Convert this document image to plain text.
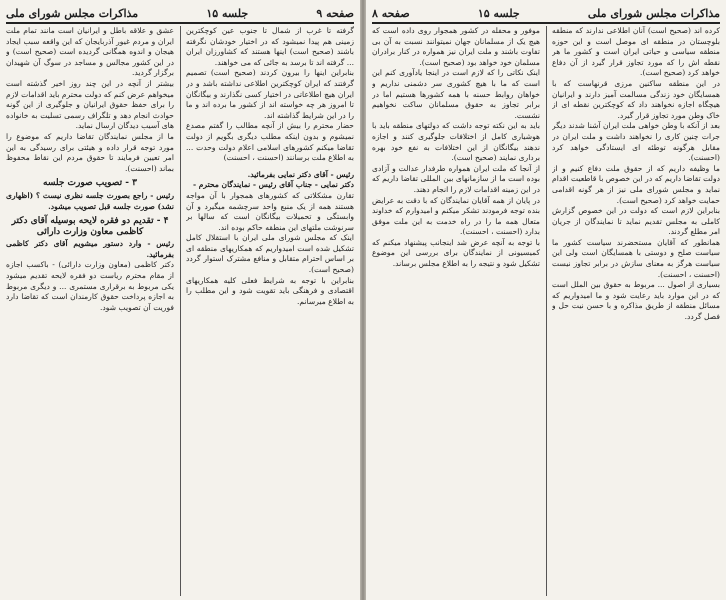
صفحه ۹
جلسه ۱۵
مذاکرات مجلس شورای ملی

گرفته تا غرب از شمال تا جنوب عین کوچکترین زمینی هم پیدا نمیشود که در اختیار خودشان نگرفته باشند (صحیح است) اینها هستند که کشاورزان ایران ... گرفته اند تا برسد به جائی که می خواهند.

بنابراین اینها را بیرون کردند (صحیح است) تصمیم گرفتند که ایران کوچکترین اطلاعی نداشته باشد و در ایران هیچ اطلاعاتی در اختیار کسی نگذارند و بیگانگان تا امروز هر چه خواسته اند از کشور ما برده اند و ما را در این شرایط گذاشته اند.

حضار محترم را بیش از آنچه مطالب را گفتم مصدع نمیشوم و بدون اینکه مطلب دیگری بگویم از دولت تقاضا میکنم کشورهای اسلامی اعلام دولت وحدت ... به اطلاع ملت برسانند (احسنت ، احسنت)

رئیس - آقای دکتر نمایی بفرمائید.

دکتر نمایی - جناب آقای رئیس - نمایندگان محترم -

تقارن مشکلاتی که کشورهای همجوار با آن مواجه هستند همه از یک منبع واحد سرچشمه میگیرد و آن وابستگی و تحمیلات بیگانگان است که سالها بر سرنوشت ملتهای این منطقه حاکم بوده اند.

اینک که مجلس شورای ملی ایران با استقلال کامل تشکیل شده است امیدواریم که همکاریهای منطقه ای بر اساس احترام متقابل و منافع مشترک استوار گردد (صحیح است).

بنابراین با توجه به شرایط فعلی کلیه همکاریهای اقتصادی و فرهنگی باید تقویت شود و این مطلب را به اطلاع میرسانم.

عشق و علاقه باطل و ایرانیان است مانند تمام ملت ایران و مردم غیور آذربایجان که این واقعه سبب ایجاد هیجان و اندوه همگانی گردیده است (صحیح است) و در این کشور مجالس و مساجد در سوگ آن شهیدان برگزار گردید.

بیشتر از آنچه در این چند روز اخیر گذشته است میخواهم عرض کنم که دولت محترم باید اقدامات لازم را برای حفظ حقوق ایرانیان و جلوگیری از این گونه حوادث انجام دهد و تلگراف رسمی تسلیت به خانواده های آسیب دیدگان ارسال نماید.

ما از مجلس نمایندگان تقاضا داریم که موضوع را مورد توجه قرار داده و هیئتی برای رسیدگی به این امر تعیین فرمایند تا حقوق مردم این نقاط محفوظ بماند (احسنت).

۳ - تصویب صورت جلسه

رئیس - راجع بصورت جلسه نظری نیست ؟ (اظهاری نشد) صورت جلسه قبل تصویب میشود.

۴ - تقدیم دو فقره لایحه بوسیله آقای دکتر کاظمی معاون وزارت دارائی

رئیس - وارد دستور میشویم آقای دکتر کاظمی بفرمائید.

دکتر کاظمی (معاون وزارت دارائی) - باکسب اجازه از مقام محترم ریاست دو فقره لایحه تقدیم میشود یکی مربوط به برقراری مستمری ... و دیگری مربوط به اجازه پرداخت حقوق کارمندان است که تقاضا دارد فوریت آن تصویب شود.

مذاکرات مجلس شورای ملی
جلسه ۱۵
صفحه ۸

کرده اند (صحیح است) آنان اطلاعی ندارند که منطقه بلوچستان در منطقه ای موصل است و این حوزه منطقه سیاسی و حیاتی ایران است و کشور ما هر نقطه اش را که مورد تجاوز قرار گیرد از آن دفاع خواهد کرد (صحیح است).

در این منطقه ساکنین مرزی قرنهاست که با همسایگان خود زندگی مسالمت آمیز دارند و ایرانیان هیچگاه اجازه نخواهند داد که کوچکترین نقطه ای از خاک وطن مورد تجاوز قرار گیرد.

بعد از آنکه با وطن خواهی ملت ایران آشنا شدند دیگر جرات چنین کاری را نخواهند داشت و ملت ایران در مقابل هرگونه توطئه ای ایستادگی خواهد کرد (احسنت).

ما وظیفه داریم که از حقوق ملت دفاع کنیم و از دولت تقاضا داریم که در این خصوص با قاطعیت اقدام نماید و مجلس شورای ملی نیز از هر گونه اقدامی حمایت خواهد کرد (صحیح است).

بنابراین لازم است که دولت در این خصوص گزارش کاملی به مجلس تقدیم نماید تا نمایندگان از جریان امر مطلع گردند.

همانطور که آقایان مستحضرند سیاست کشور ما سیاست صلح و دوستی با همسایگان است ولی این سیاست هرگز به معنای سازش در برابر تجاوز نیست (احسنت ، احسنت).

بسیاری از اصول ... مربوط به حقوق بین الملل است که در این موارد باید رعایت شود و ما امیدواریم که مسائل منطقه از طریق مذاکره و با حسن نیت حل و فصل گردد.

موفور و محفله در کشور همجوار روی داده است که هیچ یک از مسلمانان جهان نمیتوانند نسبت به آن بی تفاوت باشند و ملت ایران نیز همواره در کنار برادران مسلمان خود خواهد بود (صحیح است).

اینک نکاتی را که لازم است در اینجا یادآوری کنم این است که ما با هیچ کشوری سر دشمنی نداریم و خواهان روابط حسنه با همه کشورها هستیم اما در برابر تجاوز به حقوق مسلمانان ساکت نخواهیم نشست.

باید به این نکته توجه داشت که دولتهای منطقه باید با هوشیاری کامل از اختلافات جلوگیری کنند و اجازه ندهند بیگانگان از این اختلافات به نفع خود بهره برداری نمایند (صحیح است).

از آنجا که ملت ایران همواره طرفدار عدالت و آزادی بوده است ما از سازمانهای بین المللی تقاضا داریم که در این زمینه اقدامات لازم را انجام دهند.

در پایان از همه آقایان نمایندگان که با دقت به عرایض بنده توجه فرمودند تشکر میکنم و امیدوارم که خداوند متعال همه ما را در راه خدمت به این ملت موفق بدارد (احسنت ، احسنت).

با توجه به آنچه عرض شد اینجانب پیشنهاد میکنم که کمیسیونی از نمایندگان برای بررسی این موضوع تشکیل شود و نتیجه را به اطلاع مجلس برساند.
